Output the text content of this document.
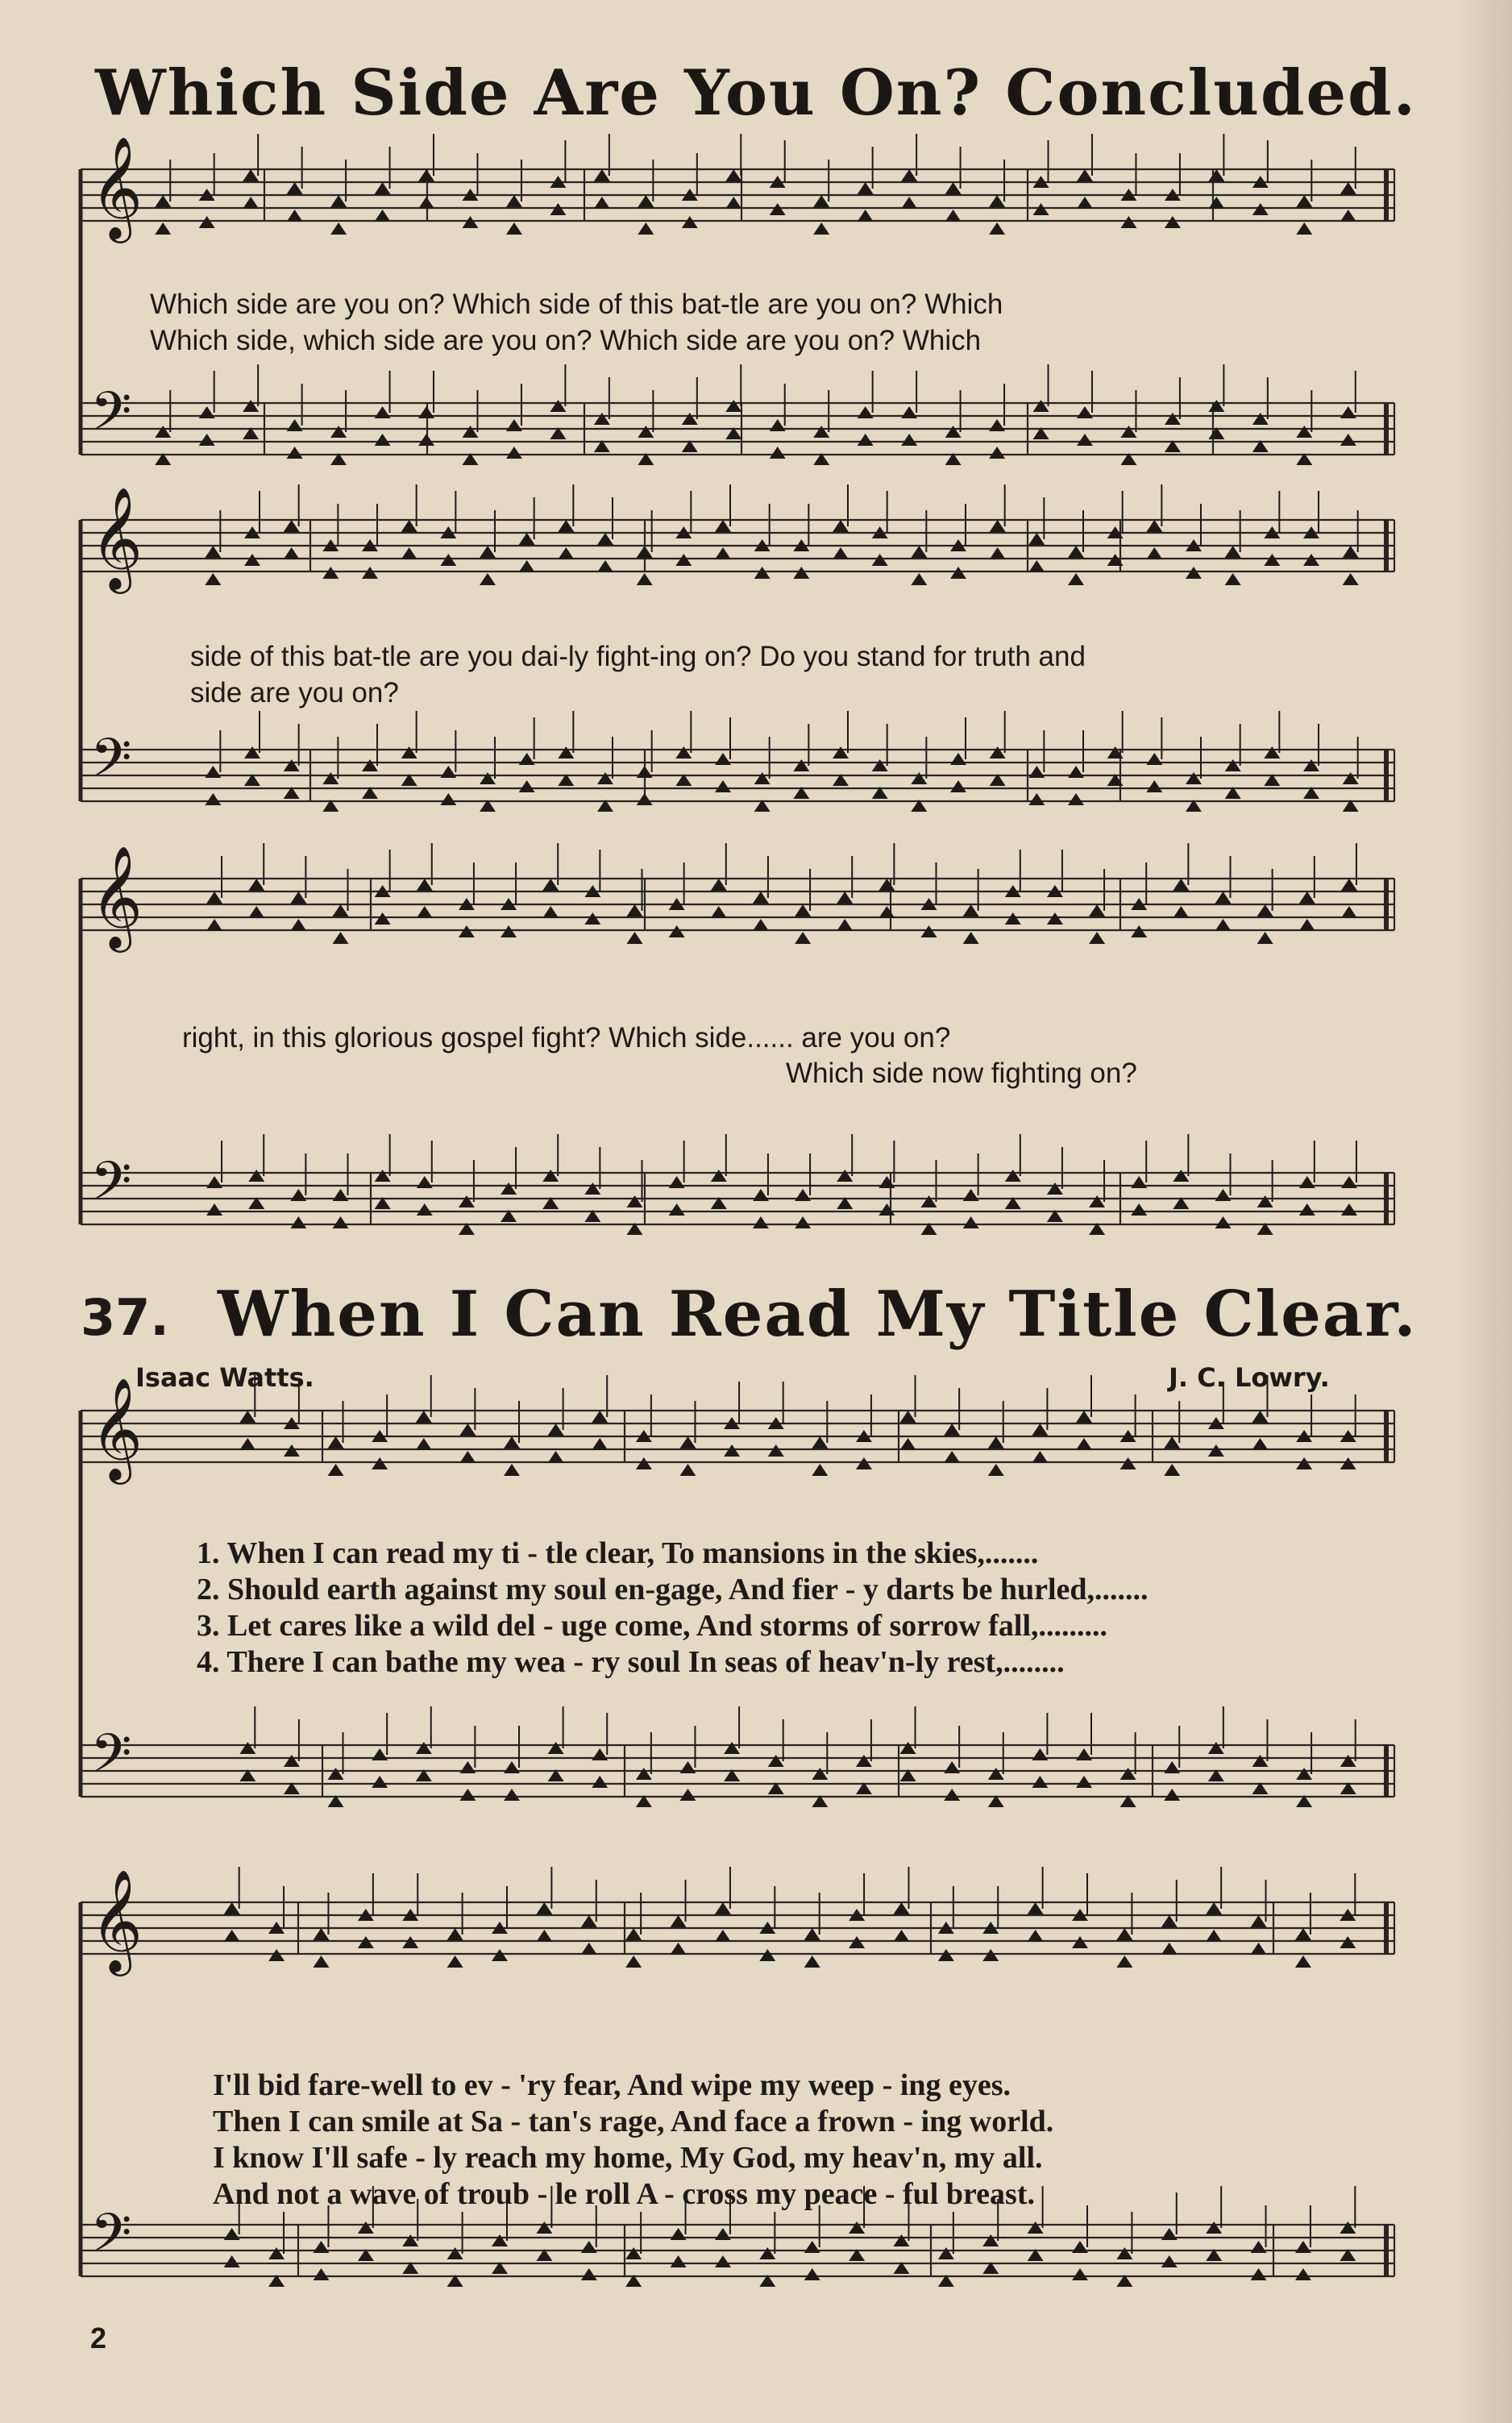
Which Side Are You On? Concluded.
𝄞
𝄢
𝄞
𝄢
𝄞
𝄢
𝄞
𝄢
𝄞
𝄢
Which side are you on? Which side of this bat-tle are you on? Which
Which side, which side are you on? Which side are you on? Which
side of this bat-tle are you dai-ly fight-ing on? Do you stand for truth and
side are you on?
right, in this glorious gospel fight? Which side...... are you on?
Which side now fighting on?
37. When I Can Read My Title Clear.
Isaac Watts.	J. C. Lowry.
1. When I can read my ti - tle clear, To mansions in the skies,.......
2. Should earth against my soul en-gage, And fier - y darts be hurled,.......
3. Let cares like a wild del - uge come, And storms of sorrow fall,.........
4. There I can bathe my wea - ry soul In seas of heav'n-ly rest,........
I'll bid fare-well to ev - 'ry fear, And wipe my weep - ing eyes.
Then I can smile at Sa - tan's rage, And face a frown - ing world.
I know I'll safe - ly reach my home, My God, my heav'n, my all.
And not a wave of troub - le roll A - cross my peace - ful breast.
2
